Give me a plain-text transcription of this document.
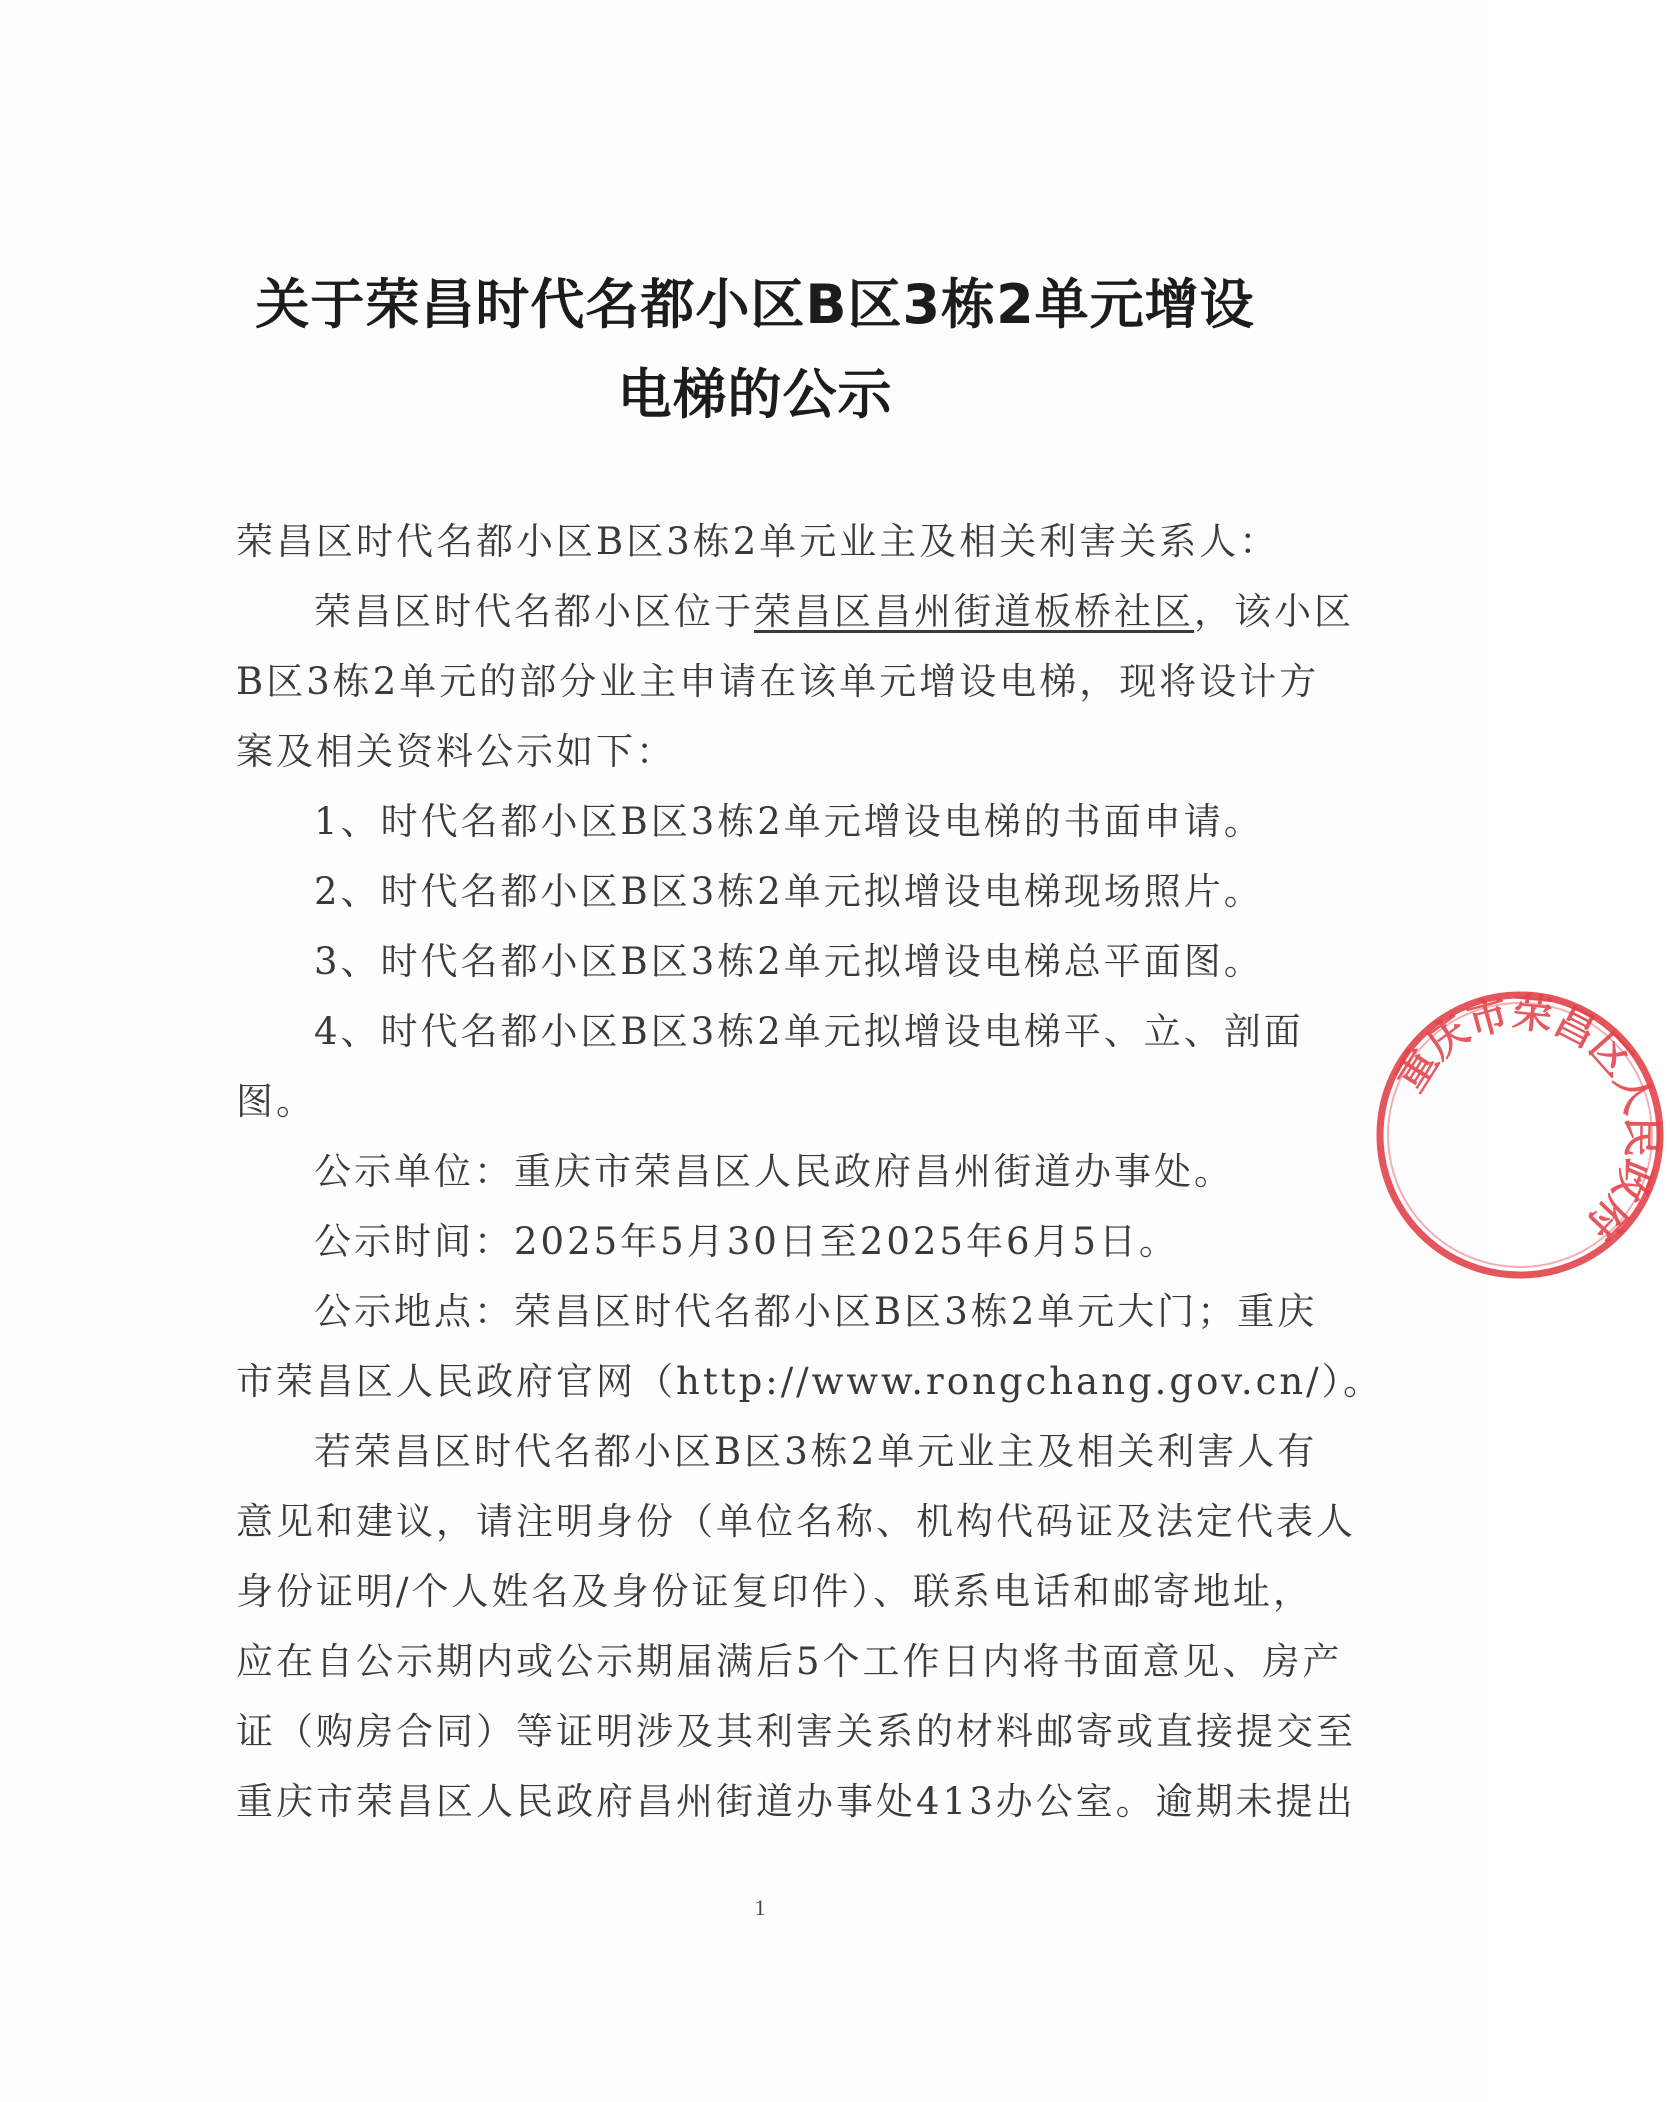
关于荣昌时代名都小区B区3栋2单元增设
电梯的公示
荣昌区时代名都小区B区3栋2单元业主及相关利害关系人：
荣昌区时代名都小区位于荣昌区昌州街道板桥社区，该小区
B区3栋2单元的部分业主申请在该单元增设电梯，现将设计方
案及相关资料公示如下：
1、时代名都小区B区3栋2单元增设电梯的书面申请。
2、时代名都小区B区3栋2单元拟增设电梯现场照片。
3、时代名都小区B区3栋2单元拟增设电梯总平面图。
4、时代名都小区B区3栋2单元拟增设电梯平、立、剖面
图。
公示单位：重庆市荣昌区人民政府昌州街道办事处。
公示时间：2025年5月30日至2025年6月5日。
公示地点：荣昌区时代名都小区B区3栋2单元大门；重庆
市荣昌区人民政府官网（http://www.rongchang.gov.cn/）。
若荣昌区时代名都小区B区3栋2单元业主及相关利害人有
意见和建议，请注明身份（单位名称、机构代码证及法定代表人
身份证明/个人姓名及身份证复印件）、联系电话和邮寄地址，
应在自公示期内或公示期届满后5个工作日内将书面意见、房产
证（购房合同）等证明涉及其利害关系的材料邮寄或直接提交至
重庆市荣昌区人民政府昌州街道办事处413办公室。逾期未提出
重庆市荣昌区人民政府
1
